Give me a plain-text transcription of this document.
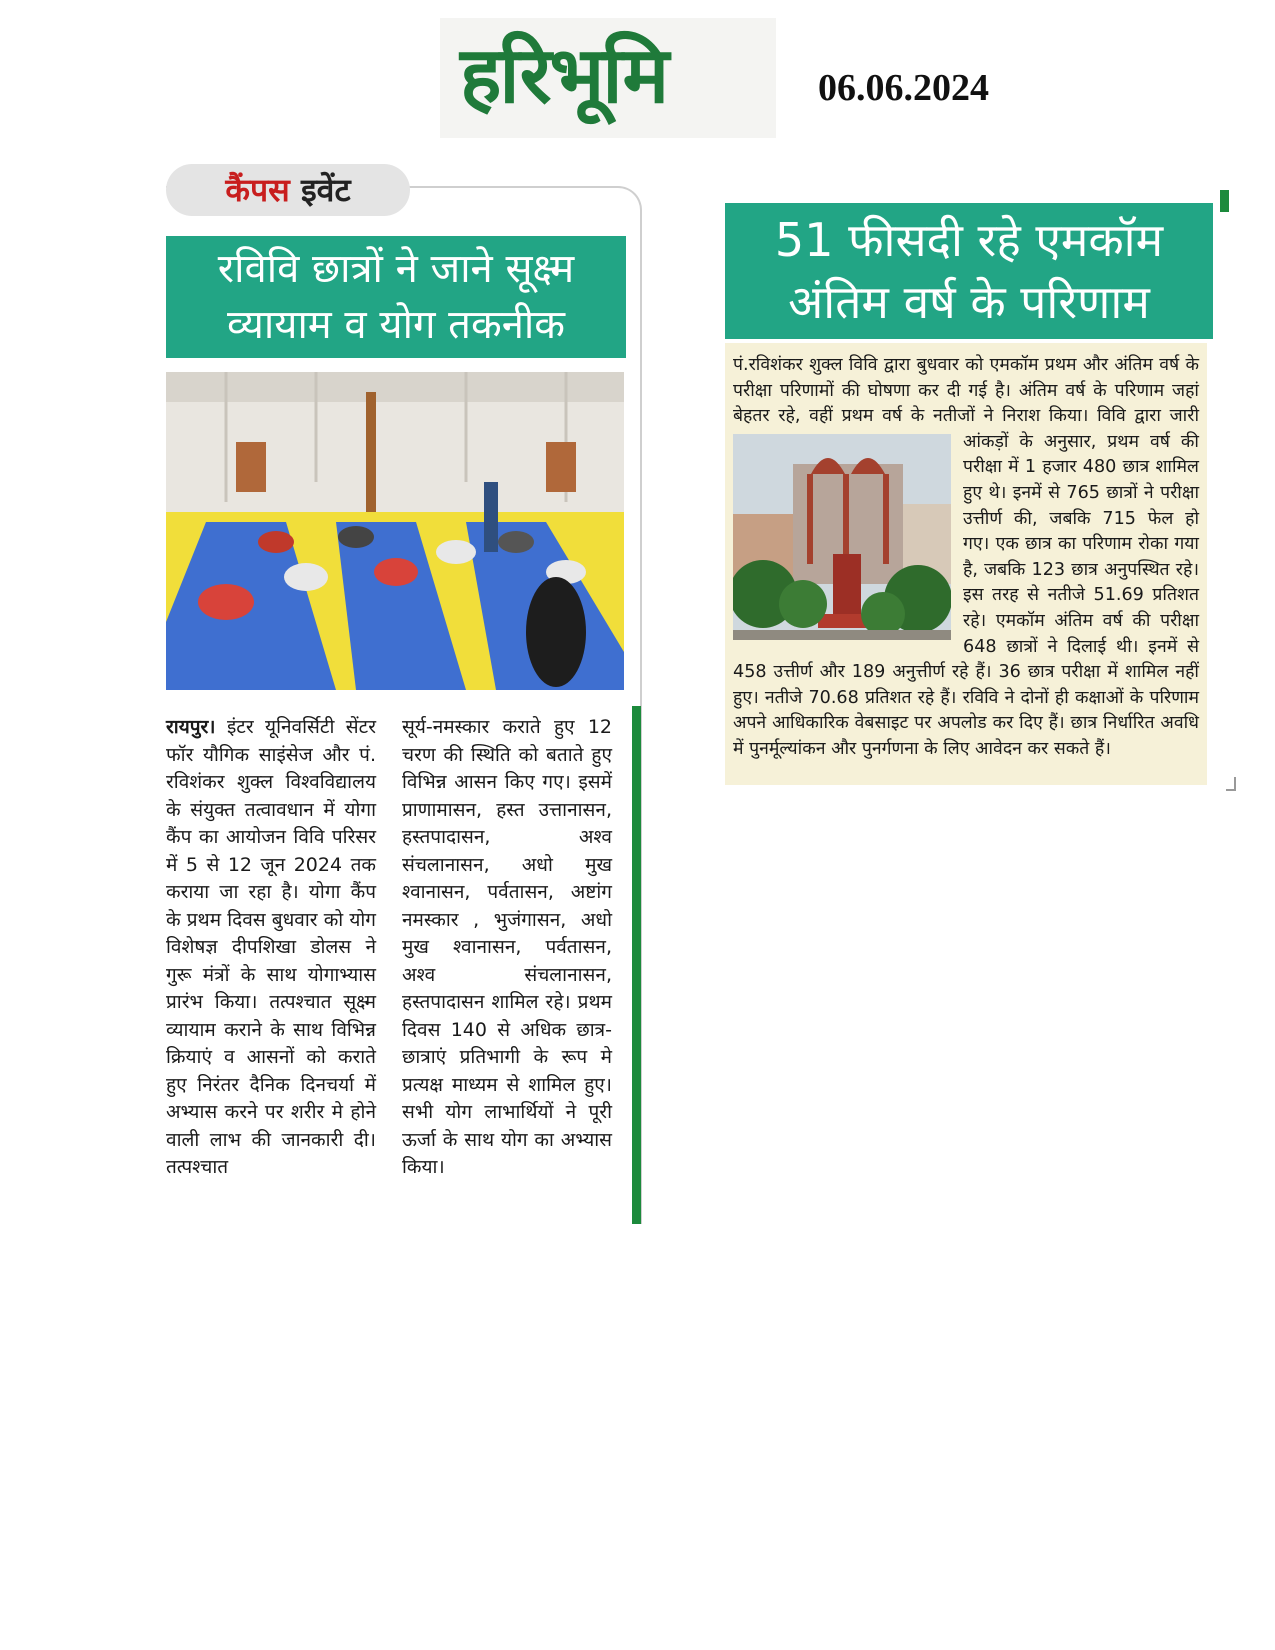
हरिभूमि	06.06.2024
कैंपस इवेंट
रविवि छात्रों ने जाने सूक्ष्म व्यायाम व योग तकनीक
रायपुर। इंटर यूनिवर्सिटी सेंटर फॉर यौगिक साइंसेज और पं. रविशंकर शुक्ल विश्वविद्यालय के संयुक्त तत्वावधान में योगा कैंप का आयोजन विवि परिसर में 5 से 12 जून 2024 तक कराया जा रहा है। योगा कैंप के प्रथम दिवस बुधवार को योग विशेषज्ञ दीपशिखा डोलस ने गुरू मंत्रों के साथ योगाभ्यास प्रारंभ किया। तत्पश्चात सूक्ष्म व्यायाम कराने के साथ विभिन्न क्रियाएं व आसनों को कराते हुए निरंतर दैनिक दिनचर्या में अभ्यास करने पर शरीर मे होने वाली लाभ की जानकारी दी। तत्पश्चात
सूर्य-नमस्कार कराते हुए 12 चरण की स्थिति को बताते हुए विभिन्न आसन किए गए। इसमें प्राणामासन, हस्त उत्तानासन, हस्तपादासन, अश्व संचलानासन, अधो मुख श्वानासन, पर्वतासन, अष्टांग नमस्कार , भुजंगासन, अधो मुख श्वानासन, पर्वतासन, अश्व संचलानासन, हस्तपादासन शामिल रहे। प्रथम दिवस 140 से अधिक छात्र-छात्राएं प्रतिभागी के रूप मे प्रत्यक्ष माध्यम से शामिल हुए। सभी योग लाभार्थियों ने पूरी ऊर्जा के साथ योग का अभ्यास किया।
51 फीसदी रहे एमकॉम अंतिम वर्ष के परिणाम
पं.रविशंकर शुक्ल विवि द्वारा बुधवार को एमकॉम प्रथम और अंतिम वर्ष के परीक्षा परिणामों की घोषणा कर दी गई है। अंतिम वर्ष के परिणाम जहां बेहतर रहे, वहीं प्रथम वर्ष के नतीजों ने निराश किया। विवि द्वारा जारी आंकड़ों के अनुसार, प्रथम वर्ष की परीक्षा में 1 हजार 480 छात्र शामिल हुए थे। इनमें से 765 छात्रों ने परीक्षा उत्तीर्ण की, जबकि 715 फेल हो गए। एक छात्र का परिणाम रोका गया है, जबकि 123 छात्र अनुपस्थित रहे। इस तरह से नतीजे 51.69 प्रतिशत रहे। एमकॉम अंतिम वर्ष की परीक्षा 648 छात्रों ने दिलाई थी। इनमें से 458 उत्तीर्ण और 189 अनुत्तीर्ण रहे हैं। 36 छात्र परीक्षा में शामिल नहीं हुए। नतीजे 70.68 प्रतिशत रहे हैं। रविवि ने दोनों ही कक्षाओं के परिणाम अपने आधिकारिक वेबसाइट पर अपलोड कर दिए हैं। छात्र निर्धारित अवधि में पुनर्मूल्यांकन और पुनर्गणना के लिए आवेदन कर सकते हैं।
